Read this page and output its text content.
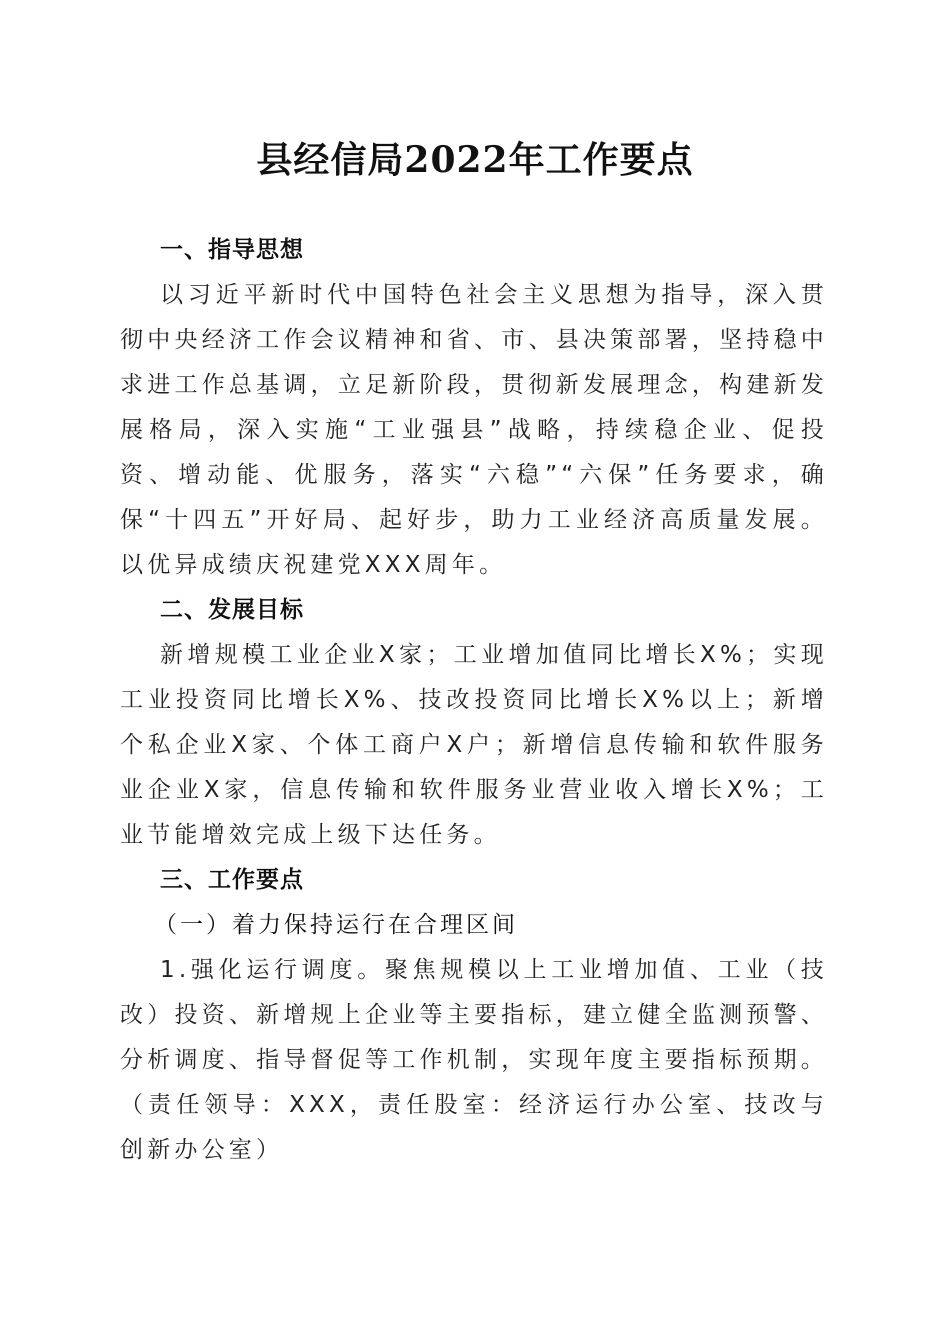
县经信局2022年工作要点

一、指导思想

以习近平新时代中国特色社会主义思想为指导，深入贯彻中央经济工作会议精神和省、市、县决策部署，坚持稳中求进工作总基调，立足新阶段，贯彻新发展理念，构建新发展格局，深入实施“工业强县”战略，持续稳企业、促投资、增动能、优服务，落实“六稳”“六保”任务要求，确保“十四五”开好局、起好步，助力工业经济高质量发展。以优异成绩庆祝建党XXX周年。

二、发展目标

新增规模工业企业X家；工业增加值同比增长X%；实现工业投资同比增长X%、技改投资同比增长X%以上；新增个私企业X家、个体工商户X户；新增信息传输和软件服务业企业X家，信息传输和软件服务业营业收入增长X%；工业节能增效完成上级下达任务。

三、工作要点

（一）着力保持运行在合理区间

1.强化运行调度。聚焦规模以上工业增加值、工业（技改）投资、新增规上企业等主要指标，建立健全监测预警、分析调度、指导督促等工作机制，实现年度主要指标预期。（责任领导：XXX，责任股室：经济运行办公室、技改与创新办公室）
